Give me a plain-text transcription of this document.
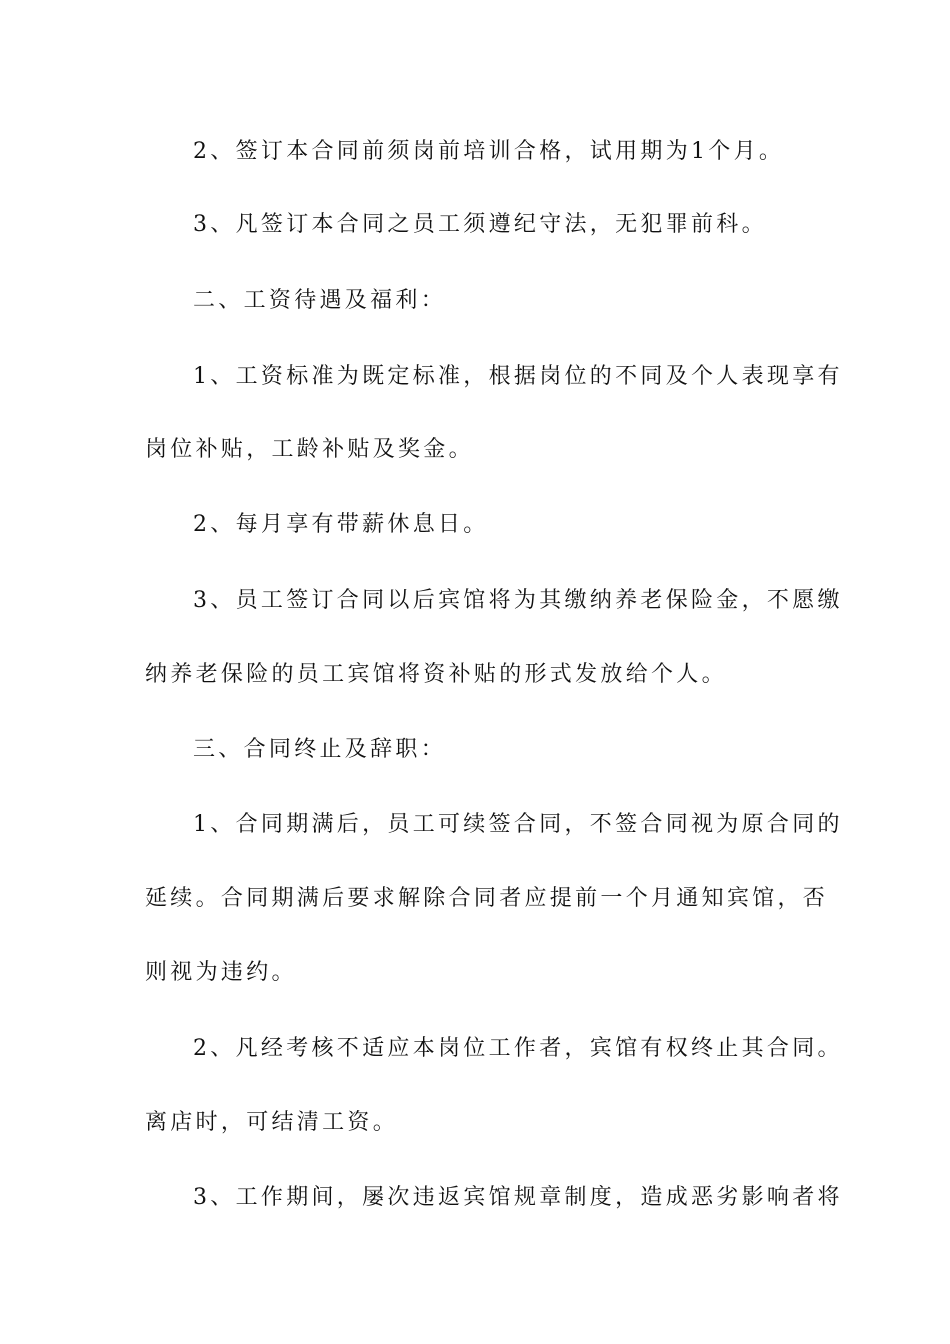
2、签订本合同前须岗前培训合格，试用期为1个月。
3、凡签订本合同之员工须遵纪守法，无犯罪前科。
二、工资待遇及福利：
1、工资标准为既定标准，根据岗位的不同及个人表现享有
岗位补贴，工龄补贴及奖金。
2、每月享有带薪休息日。
3、员工签订合同以后宾馆将为其缴纳养老保险金，不愿缴
纳养老保险的员工宾馆将资补贴的形式发放给个人。
三、合同终止及辞职：
1、合同期满后，员工可续签合同，不签合同视为原合同的
延续。合同期满后要求解除合同者应提前一个月通知宾馆，否
则视为违约。
2、凡经考核不适应本岗位工作者，宾馆有权终止其合同。
离店时，可结清工资。
3、工作期间，屡次违返宾馆规章制度，造成恶劣影响者将
